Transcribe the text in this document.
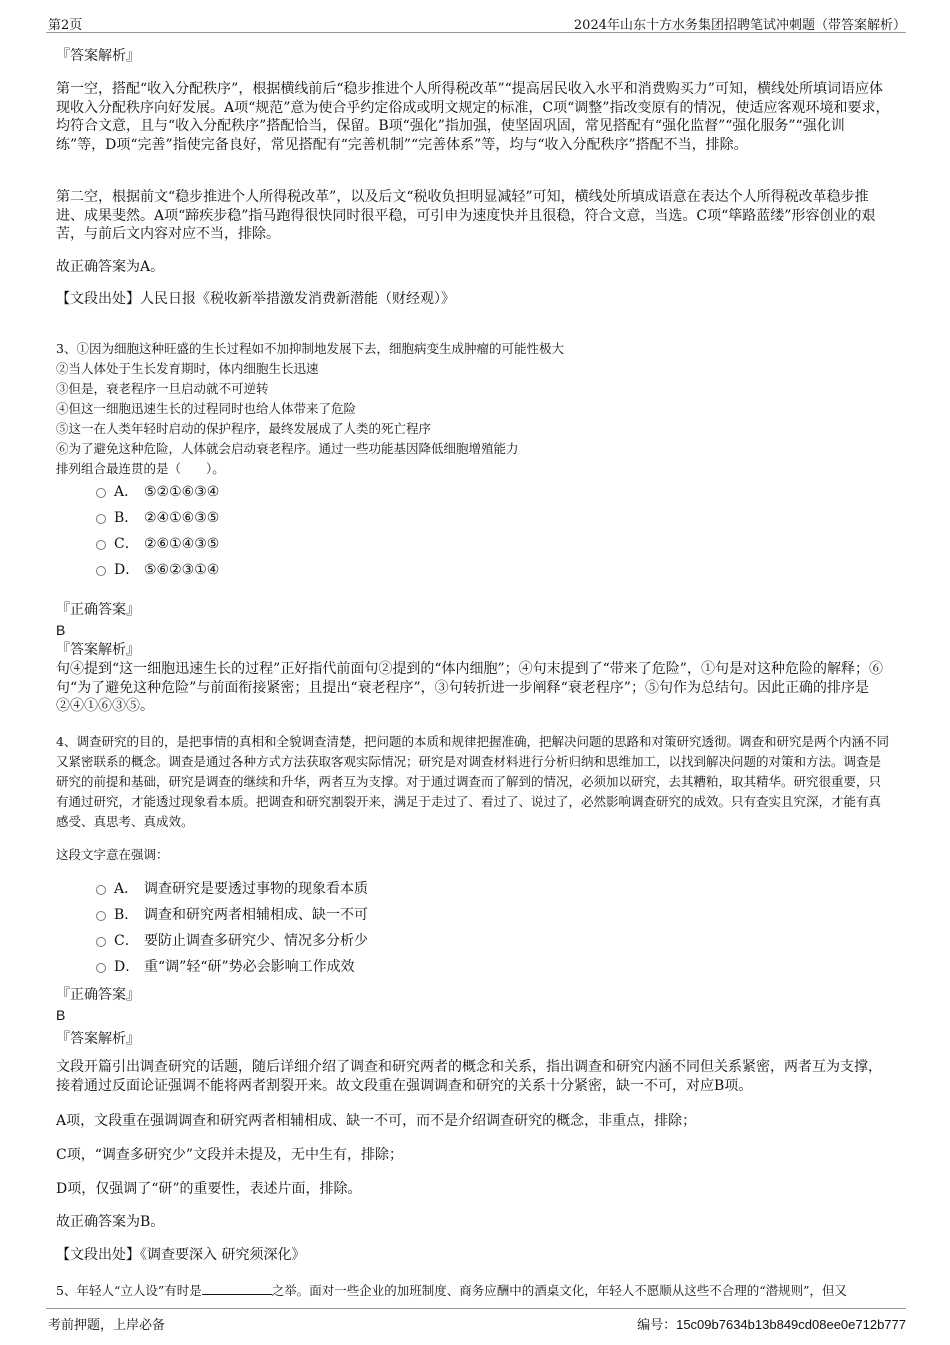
第2页	2024年山东十方水务集团招聘笔试冲刺题（带答案解析）

『答案解析』

第一空，搭配“收入分配秩序”，根据横线前后“稳步推进个人所得税改革”“提高居民收入水平和消费购买力”可知，横线处所填词语应体现收入分配秩序向好发展。A项“规范”意为使合乎约定俗成或明文规定的标准，C项“调整”指改变原有的情况，使适应客观环境和要求，均符合文意，且与“收入分配秩序”搭配恰当，保留。B项“强化”指加强，使坚固巩固，常见搭配有“强化监督”“强化服务”“强化训练”等，D项“完善”指使完备良好，常见搭配有“完善机制”“完善体系”等，均与“收入分配秩序”搭配不当，排除。

第二空，根据前文“稳步推进个人所得税改革”，以及后文“税收负担明显减轻”可知，横线处所填成语意在表达个人所得税改革稳步推进、成果斐然。A项“蹄疾步稳”指马跑得很快同时很平稳，可引申为速度快并且很稳，符合文意，当选。C项“筚路蓝缕”形容创业的艰苦，与前后文内容对应不当，排除。

故正确答案为A。

【文段出处】人民日报《税收新举措激发消费新潜能（财经观）》

3、①因为细胞这种旺盛的生长过程如不加抑制地发展下去，细胞病变生成肿瘤的可能性极大

②当人体处于生长发育期时，体内细胞生长迅速

③但是，衰老程序一旦启动就不可逆转

④但这一细胞迅速生长的过程同时也给人体带来了危险

⑤这一在人类年轻时启动的保护程序，最终发展成了人类的死亡程序

⑥为了避免这种危险，人体就会启动衰老程序。通过一些功能基因降低细胞增殖能力

排列组合最连贯的是（　　）。

A． ⑤②①⑥③④
B． ②④①⑥③⑤
C． ②⑥①④③⑤
D． ⑤⑥②③①④

『正确答案』

B

『答案解析』

句④提到“这一细胞迅速生长的过程”正好指代前面句②提到的“体内细胞”；④句末提到了“带来了危险”，①句是对这种危险的解释；⑥句“为了避免这种危险”与前面衔接紧密；且提出“衰老程序”，③句转折进一步阐释“衰老程序”；⑤句作为总结句。因此正确的排序是②④①⑥③⑤。

4、调查研究的目的，是把事情的真相和全貌调查清楚，把问题的本质和规律把握准确，把解决问题的思路和对策研究透彻。调查和研究是两个内涵不同又紧密联系的概念。调查是通过各种方式方法获取客观实际情况；研究是对调查材料进行分析归纳和思维加工，以找到解决问题的对策和方法。调查是研究的前提和基础，研究是调查的继续和升华，两者互为支撑。对于通过调查而了解到的情况，必须加以研究，去其糟粕，取其精华。研究很重要，只有通过研究，才能透过现象看本质。把调查和研究割裂开来，满足于走过了、看过了、说过了，必然影响调查研究的成效。只有查实且究深，才能有真感受、真思考、真成效。

这段文字意在强调：

A． 调查研究是要透过事物的现象看本质
B． 调查和研究两者相辅相成、缺一不可
C． 要防止调查多研究少、情况多分析少
D． 重“调”轻“研”势必会影响工作成效

『正确答案』

B

『答案解析』

文段开篇引出调查研究的话题，随后详细介绍了调查和研究两者的概念和关系，指出调查和研究内涵不同但关系紧密，两者互为支撑，接着通过反面论证强调不能将两者割裂开来。故文段重在强调调查和研究的关系十分紧密，缺一不可，对应B项。

A项，文段重在强调调查和研究两者相辅相成、缺一不可，而不是介绍调查研究的概念，非重点，排除；

C项，“调查多研究少”文段并未提及，无中生有，排除；

D项，仅强调了“研”的重要性，表述片面，排除。

故正确答案为B。

【文段出处】《调查要深入 研究须深化》

5、年轻人“立人设”有时是	之举。面对一些企业的加班制度、商务应酬中的酒桌文化，年轻人不愿顺从这些不合理的“潜规则”，但又

考前押题，上岸必备	编号：15c09b7634b13b849cd08ee0e712b777
